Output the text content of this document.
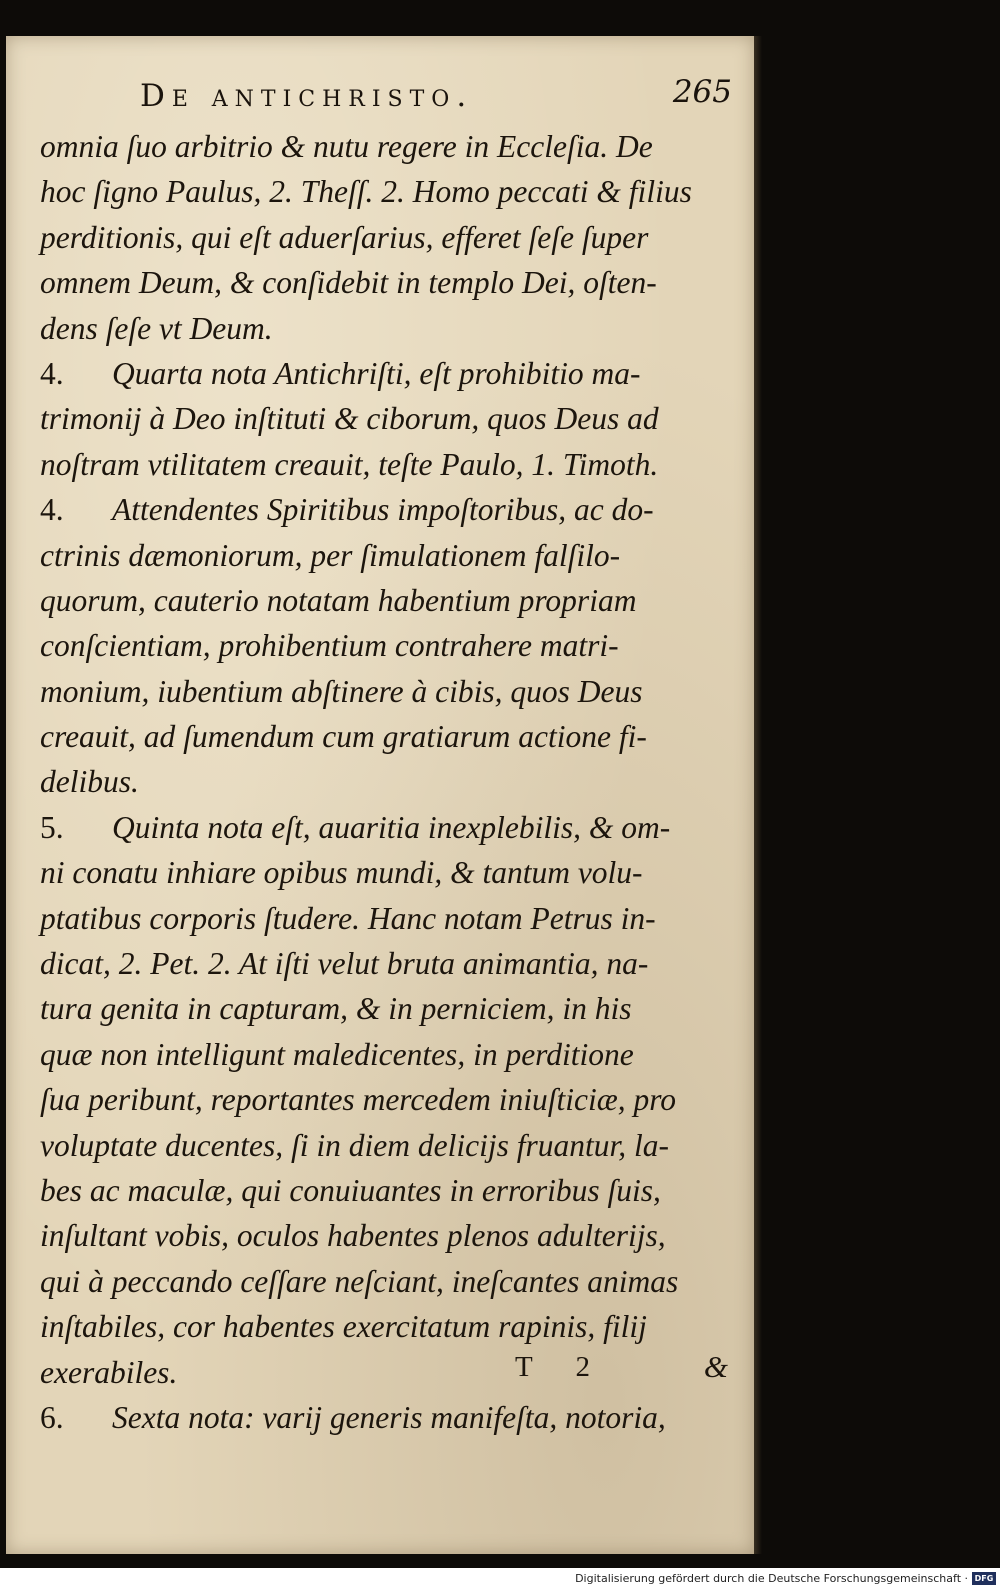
De antichristo.	265
omnia ſuo arbitrio & nutu regere in Eccleſia. De
hoc ſigno Paulus, 2. Theſſ. 2. Homo peccati & filius
perditionis, qui eſt aduerſarius, efferet ſeſe ſuper
omnem Deum, & conſidebit in templo Dei, oſten-
dens ſeſe vt Deum.
4. Quarta nota Antichriſti, eſt prohibitio ma-
trimonij à Deo inſtituti & ciborum, quos Deus ad
noſtram vtilitatem creauit, teſte Paulo, 1. Timoth.
4. Attendentes Spiritibus impoſtoribus, ac do-
ctrinis dæmoniorum, per ſimulationem falſilo-
quorum, cauterio notatam habentium propriam
conſcientiam, prohibentium contrahere matri-
monium, iubentium abſtinere à cibis, quos Deus
creauit, ad ſumendum cum gratiarum actione fi-
delibus.
5. Quinta nota eſt, auaritia inexplebilis, & om-
ni conatu inhiare opibus mundi, & tantum volu-
ptatibus corporis ſtudere. Hanc notam Petrus in-
dicat, 2. Pet. 2. At iſti velut bruta animantia, na-
tura genita in capturam, & in perniciem, in his
quæ non intelligunt maledicentes, in perditione
ſua peribunt, reportantes mercedem iniuſticiæ, pro
voluptate ducentes, ſi in diem delicijs fruantur, la-
bes ac maculæ, qui conuiuantes in erroribus ſuis,
inſultant vobis, oculos habentes plenos adulterijs,
qui à peccando ceſſare neſciant, ineſcantes animas
inſtabiles, cor habentes exercitatum rapinis, filij
exerabiles.
6. Sexta nota: varij generis manifeſta, notoria,
T 2	&
Digitalisierung gefördert durch die Deutsche Forschungsgemeinschaft · DFG
